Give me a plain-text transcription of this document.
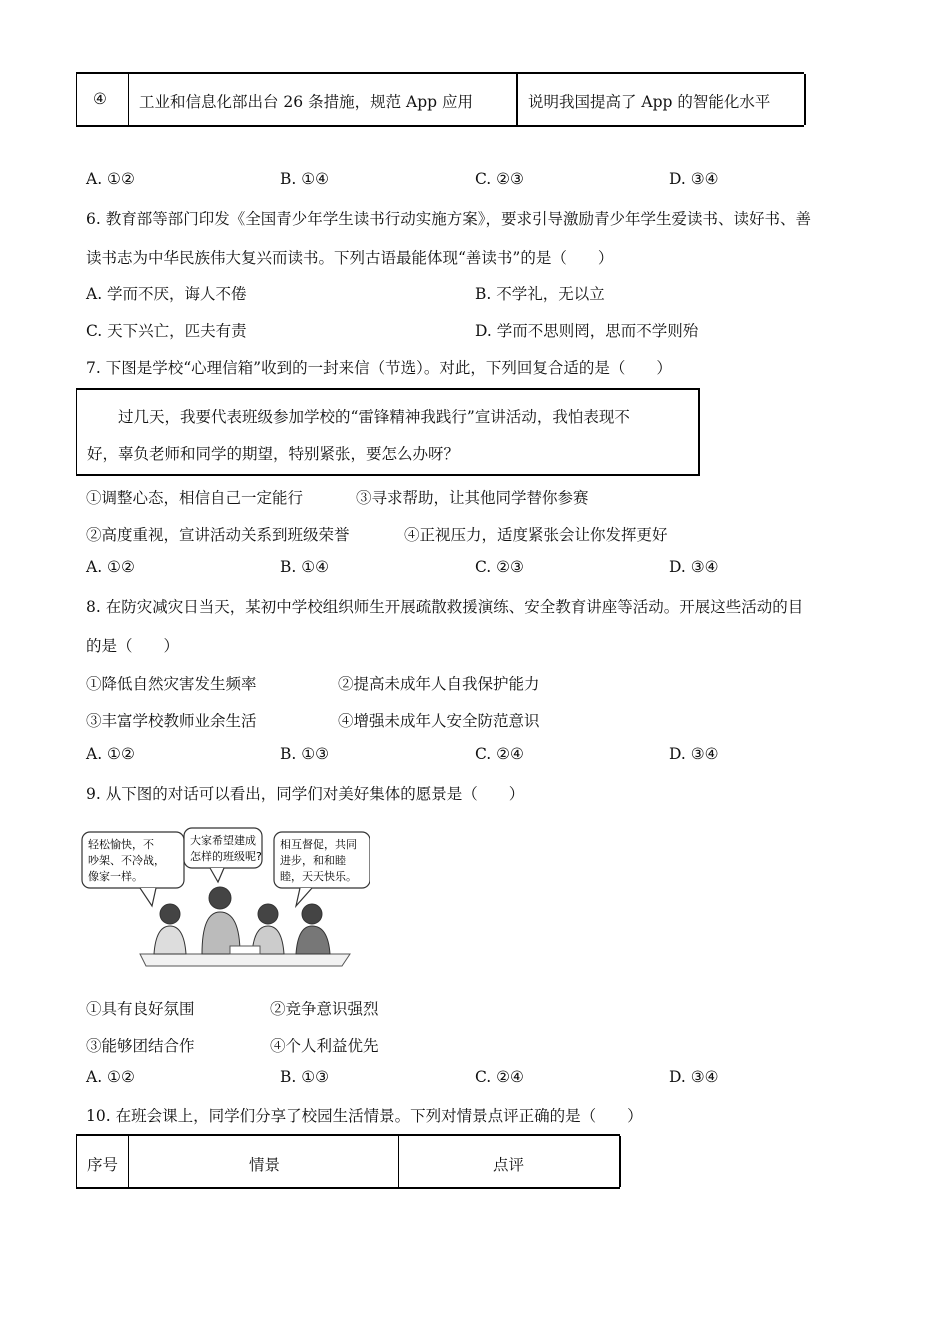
④ 工业和信息化部出台 26 条措施，规范 App 应用	说明我国提高了 App 的智能化水平
A. ①②	B. ①④	C. ②③	D. ③④
6. 教育部等部门印发《全国青少年学生读书行动实施方案》，要求引导激励青少年学生爱读书、读好书、善
读书志为中华民族伟大复兴而读书。下列古语最能体现“善读书”的是（　　）
A. 学而不厌，诲人不倦	B. 不学礼，无以立
C. 天下兴亡，匹夫有责	D. 学而不思则罔，思而不学则殆
7. 下图是学校“心理信箱”收到的一封来信（节选）。对此，下列回复合适的是（　　）
　　过几天，我要代表班级参加学校的“雷锋精神我践行”宣讲活动，我怕表现不
好，辜负老师和同学的期望，特别紧张，要怎么办呀？
①调整心态，相信自己一定能行	③寻求帮助，让其他同学替你参赛
②高度重视，宣讲活动关系到班级荣誉	④正视压力，适度紧张会让你发挥更好
A. ①②	B. ①④	C. ②③	D. ③④
8. 在防灾减灾日当天，某初中学校组织师生开展疏散救援演练、安全教育讲座等活动。开展这些活动的目
的是（　　）
①降低自然灾害发生频率	②提高未成年人自我保护能力
③丰富学校教师业余生活	④增强未成年人安全防范意识
A. ①②	B. ①③	C. ②④	D. ③④
9. 从下图的对话可以看出，同学们对美好集体的愿景是（　　）
轻松愉快，不
吵架、不冷战，
像家一样。
大家希望建成
怎样的班级呢?
相互督促，共同
进步，和和睦
睦，天天快乐。
①具有良好氛围	②竞争意识强烈
③能够团结合作	④个人利益优先
A. ①②	B. ①③	C. ②④	D. ③④
10. 在班会课上，同学们分享了校园生活情景。下列对情景点评正确的是（　　）
序号	情景	点评
